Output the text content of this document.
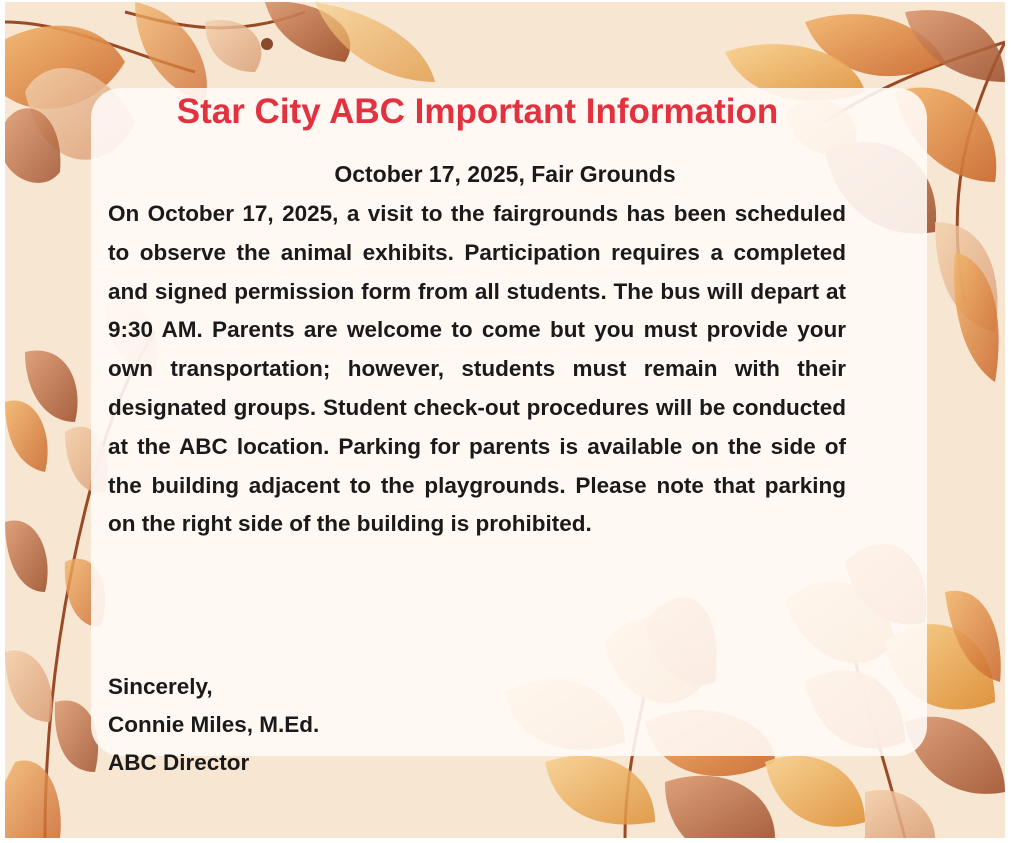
Star City ABC Important Information
October 17, 2025, Fair Grounds

On October 17, 2025, a visit to the fairgrounds has been scheduled to observe the animal exhibits. Participation requires a completed and signed permission form from all students. The bus will depart at 9:30 AM. Parents are welcome to come but you must provide your own transportation; however, students must remain with their designated groups. Student check-out procedures will be conducted at the ABC location. Parking for parents is available on the side of the building adjacent to the playgrounds. Please note that parking on the right side of the building is prohibited.

Sincerely,

Connie Miles, M.Ed.

ABC Director
